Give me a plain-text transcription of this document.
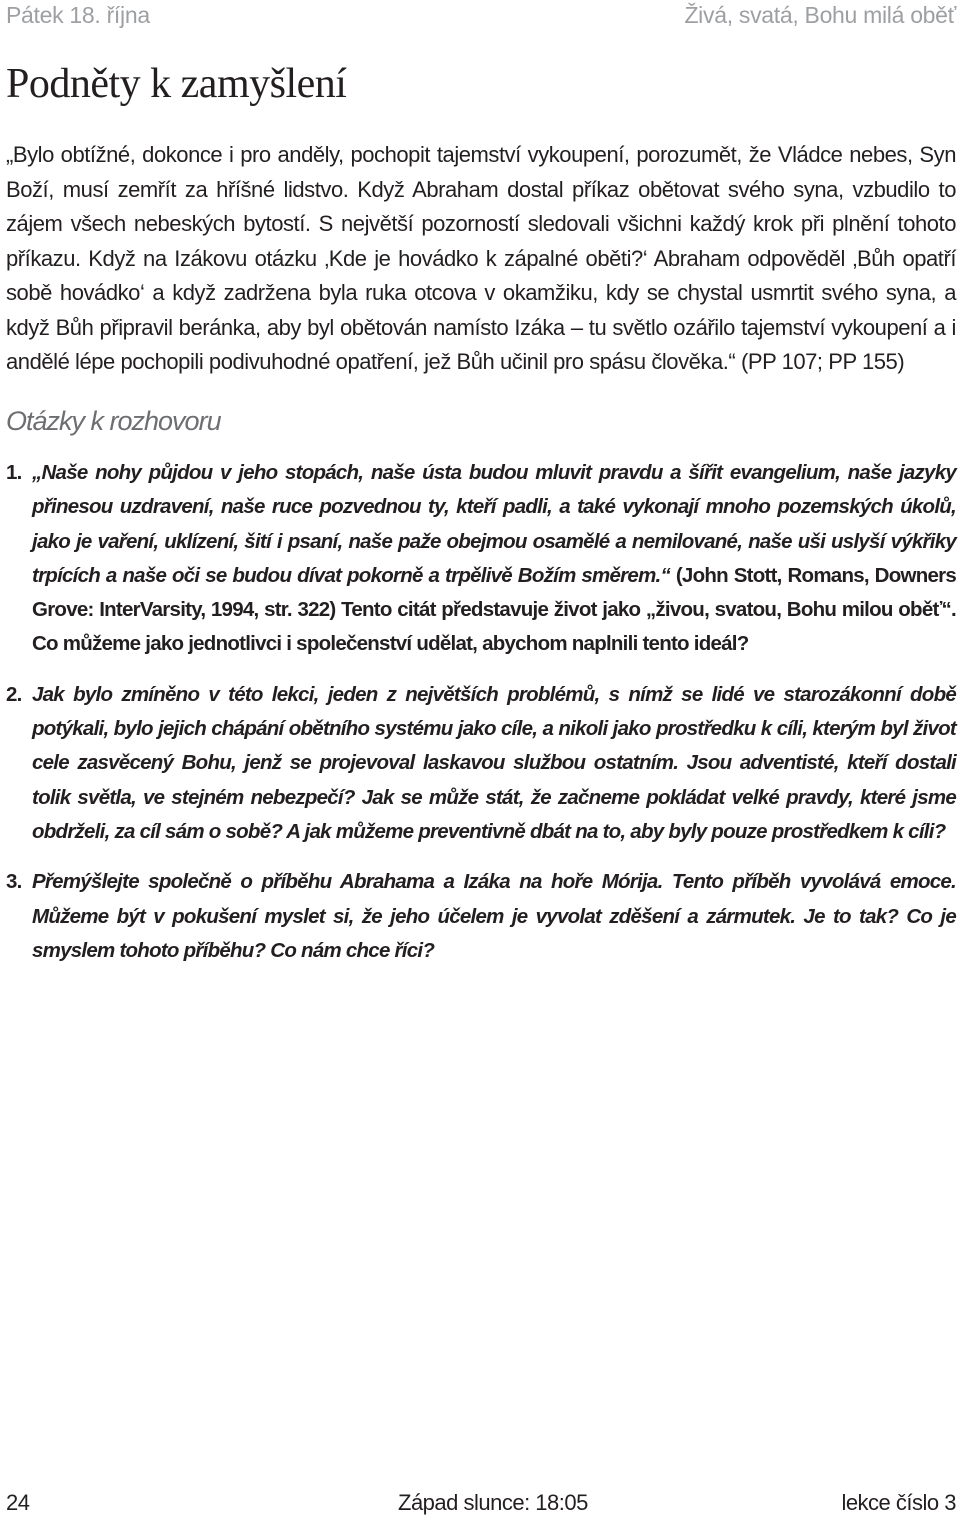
Pátek 18. října	Živá, svatá, Bohu milá oběť
Podněty k zamyšlení

„Bylo obtížné, dokonce i pro anděly, pochopit tajemství vykoupení, porozumět, že Vládce nebes, Syn Boží, musí zemřít za hříšné lidstvo. Když Abraham dostal příkaz obětovat svého syna, vzbudilo to zájem všech nebeských bytostí. S největší pozorností sledovali všichni každý krok při plnění tohoto příkazu. Když na Izákovu otázku ‚Kde je hovádko k zápalné oběti?‘ Abraham odpověděl ‚Bůh opatří sobě hovádko‘ a když zadržena byla ruka otcova v okamžiku, kdy se chystal usmrtit svého syna, a když Bůh připravil beránka, aby byl obětován namísto Izáka – tu světlo ozářilo tajemství vykoupení a i andělé lépe pochopili podivuhodné opatření, jež Bůh učinil pro spásu člověka.“ (PP 107; PP 155)

Otázky k rozhovoru
1. „Naše nohy půjdou v jeho stopách, naše ústa budou mluvit pravdu a šířit evangelium, naše jazyky přinesou uzdravení, naše ruce pozvednou ty, kteří padli, a také vykonají mnoho pozemských úkolů, jako je vaření, uklízení, šití i psaní, naše paže obejmou osamělé a nemilované, naše uši uslyší výkřiky trpících a naše oči se budou dívat pokorně a trpělivě Božím směrem.“ (John Stott, Romans, Downers Grove: InterVarsity, 1994, str. 322) Tento citát představuje život jako „živou, svatou, Bohu milou oběť“. Co můžeme jako jednotlivci i společenství udělat, abychom naplnili tento ideál?
2. Jak bylo zmíněno v této lekci, jeden z největších problémů, s nímž se lidé ve starozákonní době potýkali, bylo jejich chápání obětního systému jako cíle, a nikoli jako prostředku k cíli, kterým byl život cele zasvěcený Bohu, jenž se projevoval laskavou službou ostatním. Jsou adventisté, kteří dostali tolik světla, ve stejném nebezpečí? Jak se může stát, že začneme pokládat velké pravdy, které jsme obdrželi, za cíl sám o sobě? A jak můžeme preventivně dbát na to, aby byly pouze prostředkem k cíli?
3. Přemýšlejte společně o příběhu Abrahama a Izáka na hoře Mórija. Tento příběh vyvolává emoce. Můžeme být v pokušení myslet si, že jeho účelem je vyvolat zděšení a zármutek. Je to tak? Co je smyslem tohoto příběhu? Co nám chce říci?
24	Západ slunce: 18:05	lekce číslo 3
